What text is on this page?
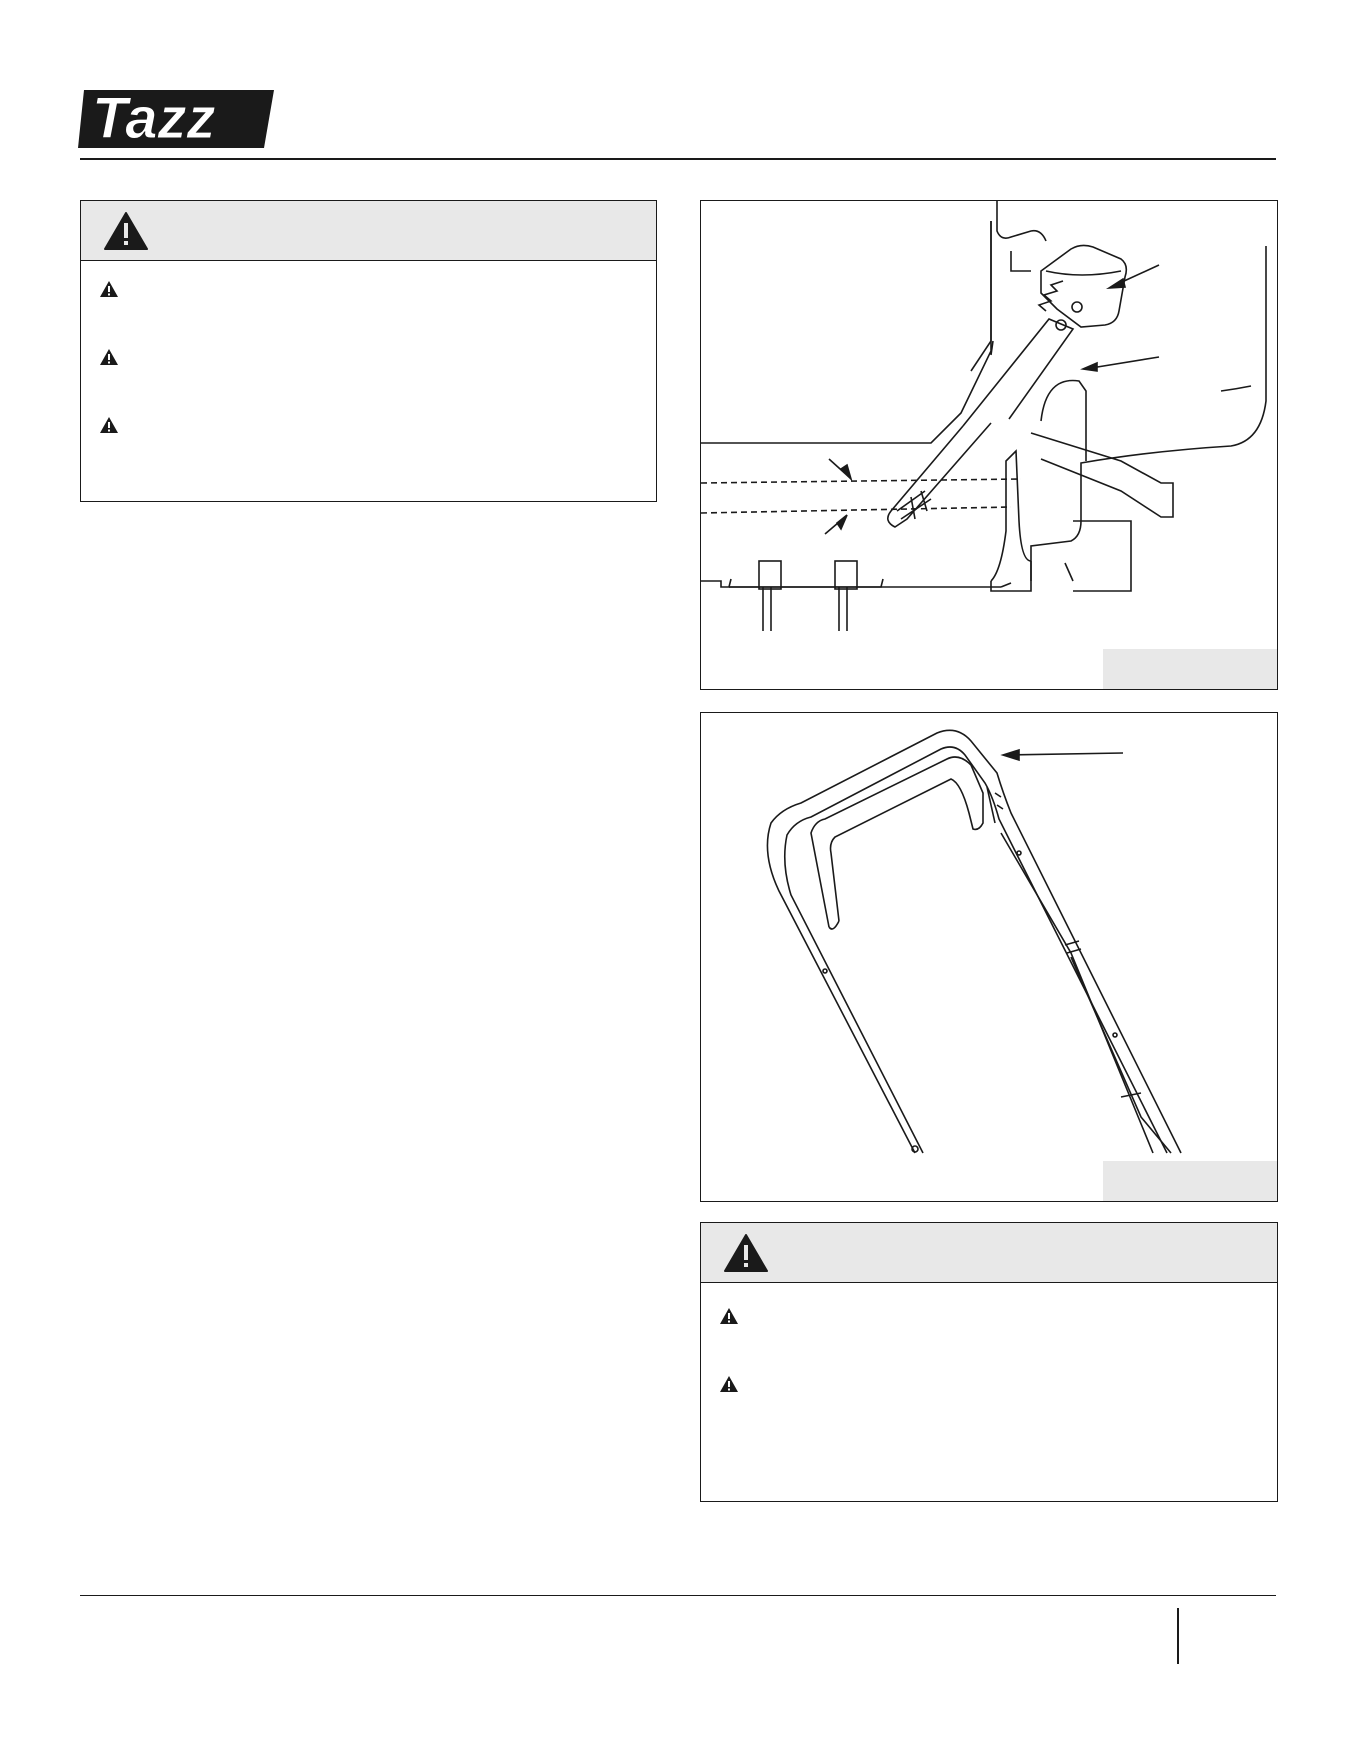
Tazz
